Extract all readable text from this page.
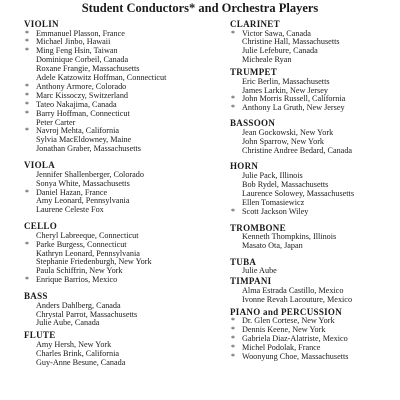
Student Conductors* and Orchestra Players
VIOLIN
* Emmanuel Plasson, France
* Michael Jinbo, Hawaii
* Ming Feng Hsin, Taiwan
Dominique Corbeil, Canada
Roxane Frangie, Massachusetts
Adele Katzowitz Hoffman, Connecticut
* Anthony Armore, Colorado
* Marc Kissoczy, Switzerland
* Tateo Nakajima, Canada
* Barry Hoffman, Connecticut
Peter Carter
* Navroj Mehta, California
Sylvia MacEldowney, Maine
Jonathan Graber, Massachusetts
VIOLA
Jennifer Shallenberger, Colorado
Sonya White, Massachusetts
* Daniel Hazan, France
Amy Leonard, Pennsylvania
Laurene Celeste Fox
CELLO
Cheryl Labreeque, Connecticut
* Parke Burgess, Connecticut
Kathryn Leonard, Pennsylvania
Stephanie Friedenburgh, New York
Paula Schiffrin, New York
* Enrique Barrios, Mexico
BASS
Anders Dahlberg, Canada
Chrystal Parrot, Massachusetts
Julie Aube, Canada
FLUTE
Amy Hersh, New York
Charles Brink, California
Guy-Anne Besune, Canada
CLARINET
* Victor Sawa, Canada
Christine Hall, Massachusetts
Julie Lefebure, Canada
Micheale Ryan
TRUMPET
Eric Berlin, Massachusetts
James Larkin, New Jersey
* John Morris Russell, California
* Anthony La Gruth, New Jersey
BASSOON
Jean Gockowski, New York
John Sparrow, New York
Christine Andree Bedard, Canada
HORN
Julie Pack, Illinois
Bob Rydel, Massachusetts
Laurence Solowey, Massachusetts
Ellen Tomasiewicz
* Scott Jackson Wiley
TROMBONE
Kenneth Thompkins, Illinois
Masato Ota, Japan
TUBA
Julie Aube
TIMPANI
Alma Estrada Castillo, Mexico
Ivonne Revah Lacouture, Mexico
PIANO and PERCUSSION
* Dr. Glen Cortese, New York
* Dennis Keene, New York
* Gabriela Diaz-Alatriste, Mexico
* Michel Podolak, France
* Woonyung Choe, Massachusetts
